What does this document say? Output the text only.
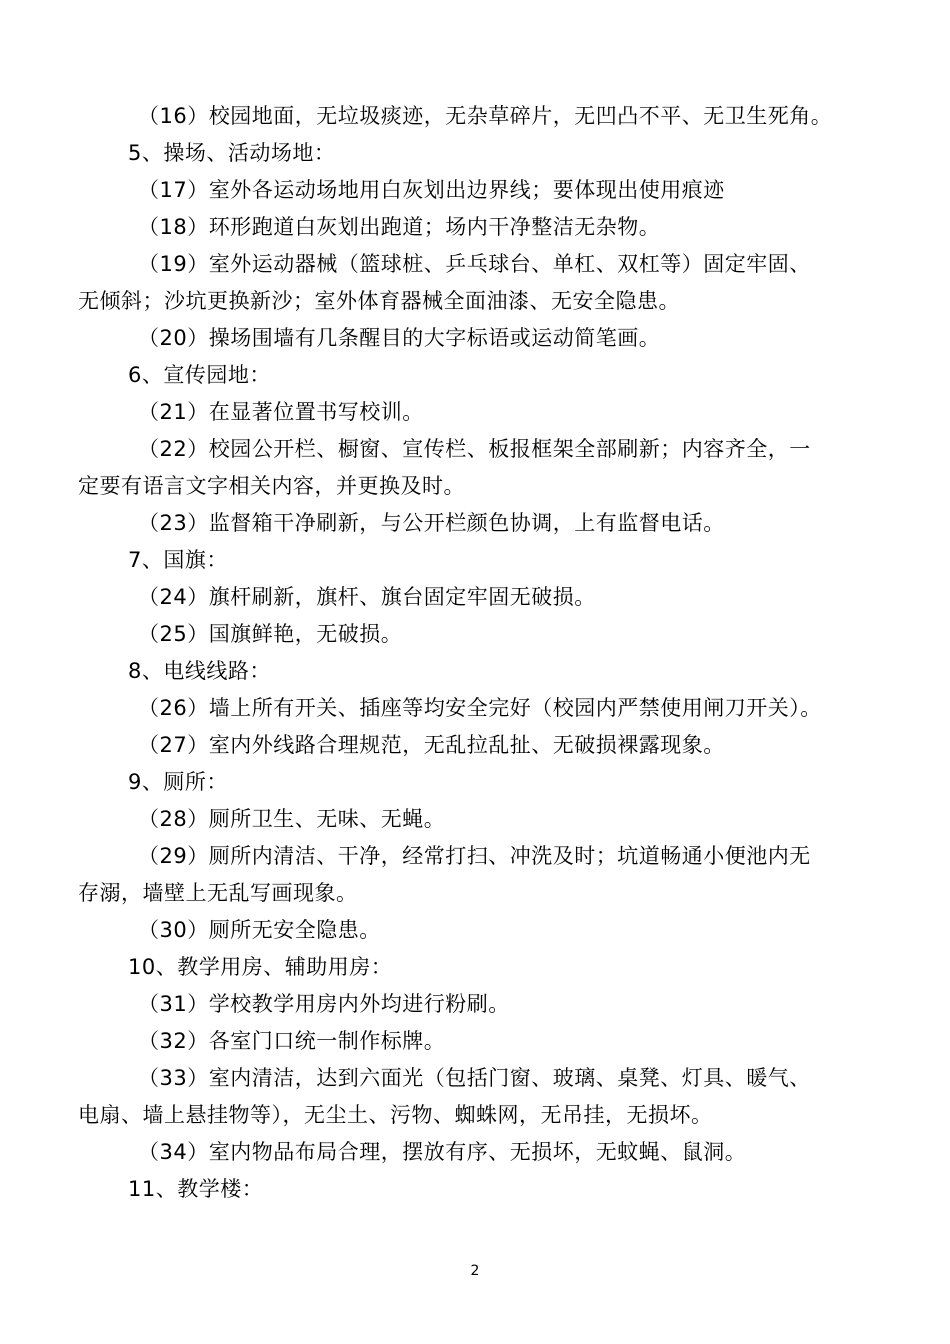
（16）校园地面，无垃圾痰迹，无杂草碎片，无凹凸不平、无卫生死角。
5、操场、活动场地：
（17）室外各运动场地用白灰划出边界线；要体现出使用痕迹
（18）环形跑道白灰划出跑道；场内干净整洁无杂物。
（19）室外运动器械（篮球桩、乒乓球台、单杠、双杠等）固定牢固、
无倾斜；沙坑更换新沙；室外体育器械全面油漆、无安全隐患。
（20）操场围墙有几条醒目的大字标语或运动简笔画。
6、宣传园地：
（21）在显著位置书写校训。
（22）校园公开栏、橱窗、宣传栏、板报框架全部刷新；内容齐全，一
定要有语言文字相关内容，并更换及时。
（23）监督箱干净刷新，与公开栏颜色协调，上有监督电话。
7、国旗：
（24）旗杆刷新，旗杆、旗台固定牢固无破损。
（25）国旗鲜艳，无破损。
8、电线线路：
（26）墙上所有开关、插座等均安全完好（校园内严禁使用闸刀开关）。
（27）室内外线路合理规范，无乱拉乱扯、无破损裸露现象。
9、厕所：
（28）厕所卫生、无味、无蝇。
（29）厕所内清洁、干净，经常打扫、冲洗及时；坑道畅通小便池内无
存溺，墙壁上无乱写画现象。
（30）厕所无安全隐患。
10、教学用房、辅助用房：
（31）学校教学用房内外均进行粉刷。
（32）各室门口统一制作标牌。
（33）室内清洁，达到六面光（包括门窗、玻璃、桌凳、灯具、暖气、
电扇、墙上悬挂物等），无尘土、污物、蜘蛛网，无吊挂，无损坏。
（34）室内物品布局合理，摆放有序、无损坏，无蚊蝇、鼠洞。
11、教学楼：
2
